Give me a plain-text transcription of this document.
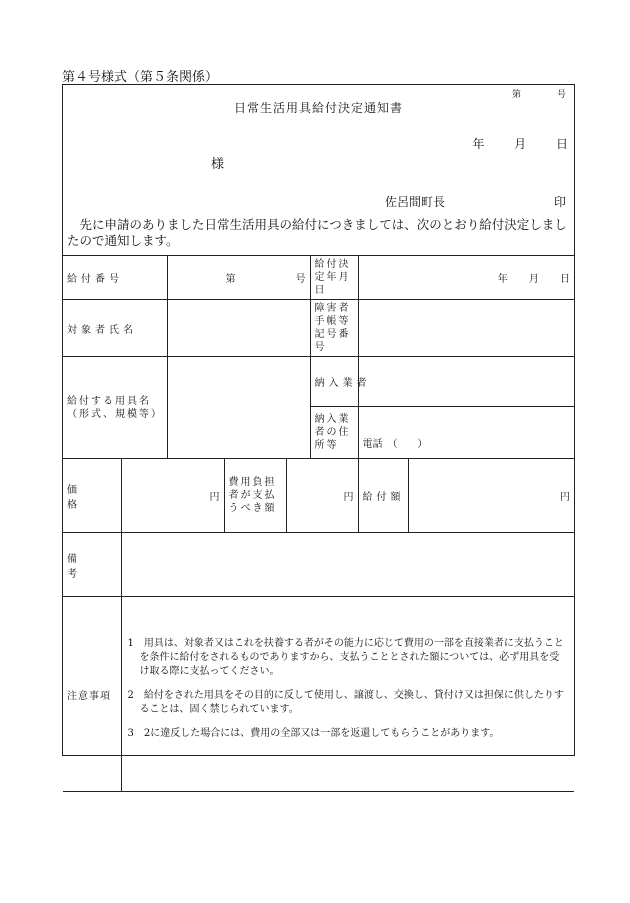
第４号様式（第５条関係）
第　　　　号
日常生活用具給付決定通知書
年 月 日
様
佐呂間町長	印
　先に申請のありました日常生活用具の給付につきましては、次のとおり給付決定しましたので通知します。
給付番号		第　　　　　　号			給付決定年月日	年 月 日	
対象者氏名					障害者手帳等記号番号		
給付する用具名（形式、規模等）					納入業者		
					納入業者の住所等	電話　（　　）	
価　格	円		費用負担者が支払うべき額	円		給付額	円
備　考							
注意事項	1　用具は、対象者又はこれを扶養する者がその能力に応じて費用の一部を直接業者に支払うことを条件に給付をされるものでありますから、支払うこととされた額については、必ず用具を受け取る際に支払ってください。

2　給付をされた用具をその目的に反して使用し、譲渡し、交換し、貸付け又は担保に供したりすることは、固く禁じられています。

3　2に違反した場合には、費用の全部又は一部を返還してもらうことがあります。						
